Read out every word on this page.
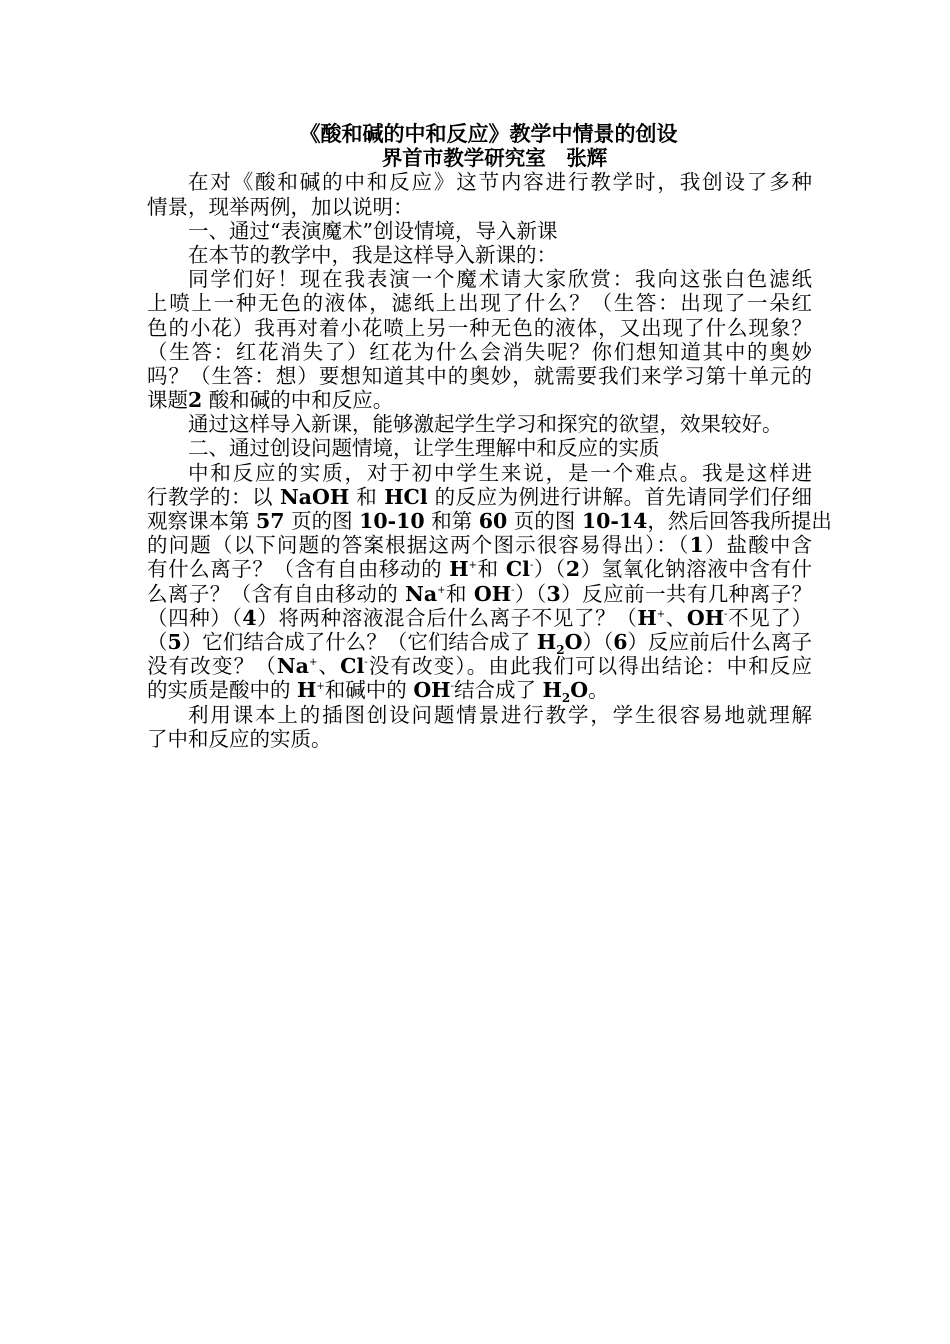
《酸和碱的中和反应》教学中情景的创设
界首市教学研究室　张辉
在对《酸和碱的中和反应》这节内容进行教学时，我创设了多种
情景，现举两例，加以说明：
一、通过“表演魔术”创设情境，导入新课
在本节的教学中，我是这样导入新课的：
同学们好！现在我表演一个魔术请大家欣赏：我向这张白色滤纸
上喷上一种无色的液体，滤纸上出现了什么？（生答：出现了一朵红
色的小花）我再对着小花喷上另一种无色的液体，又出现了什么现象？
（生答：红花消失了）红花为什么会消失呢？你们想知道其中的奥妙
吗？（生答：想）要想知道其中的奥妙，就需要我们来学习第十单元的
课题2 酸和碱的中和反应。
通过这样导入新课，能够激起学生学习和探究的欲望，效果较好。
二、通过创设问题情境，让学生理解中和反应的实质
中和反应的实质，对于初中学生来说，是一个难点。我是这样进
行教学的：以 NaOH 和 HCl 的反应为例进行讲解。首先请同学们仔细
观察课本第 57 页的图 10-10 和第 60 页的图 10-14，然后回答我所提出
的问题（以下问题的答案根据这两个图示很容易得出）：（1）盐酸中含
有什么离子？（含有自由移动的 H+和 Cl-）（2）氢氧化钠溶液中含有什
么离子？（含有自由移动的 Na+和 OH-）（3）反应前一共有几种离子？
（四种）（4）将两种溶液混合后什么离子不见了？（H+、OH-不见了）
（5）它们结合成了什么？（它们结合成了 $H_2O)(6)$反应前后什么离子
没有改变？（Na+、Cl-没有改变）。由此我们可以得出结论：中和反应
的实质是酸中的 H+和碱中的 OH-结合成了 $H_2O$。
利用课本上的插图创设问题情景进行教学，学生很容易地就理解
了中和反应的实质。
